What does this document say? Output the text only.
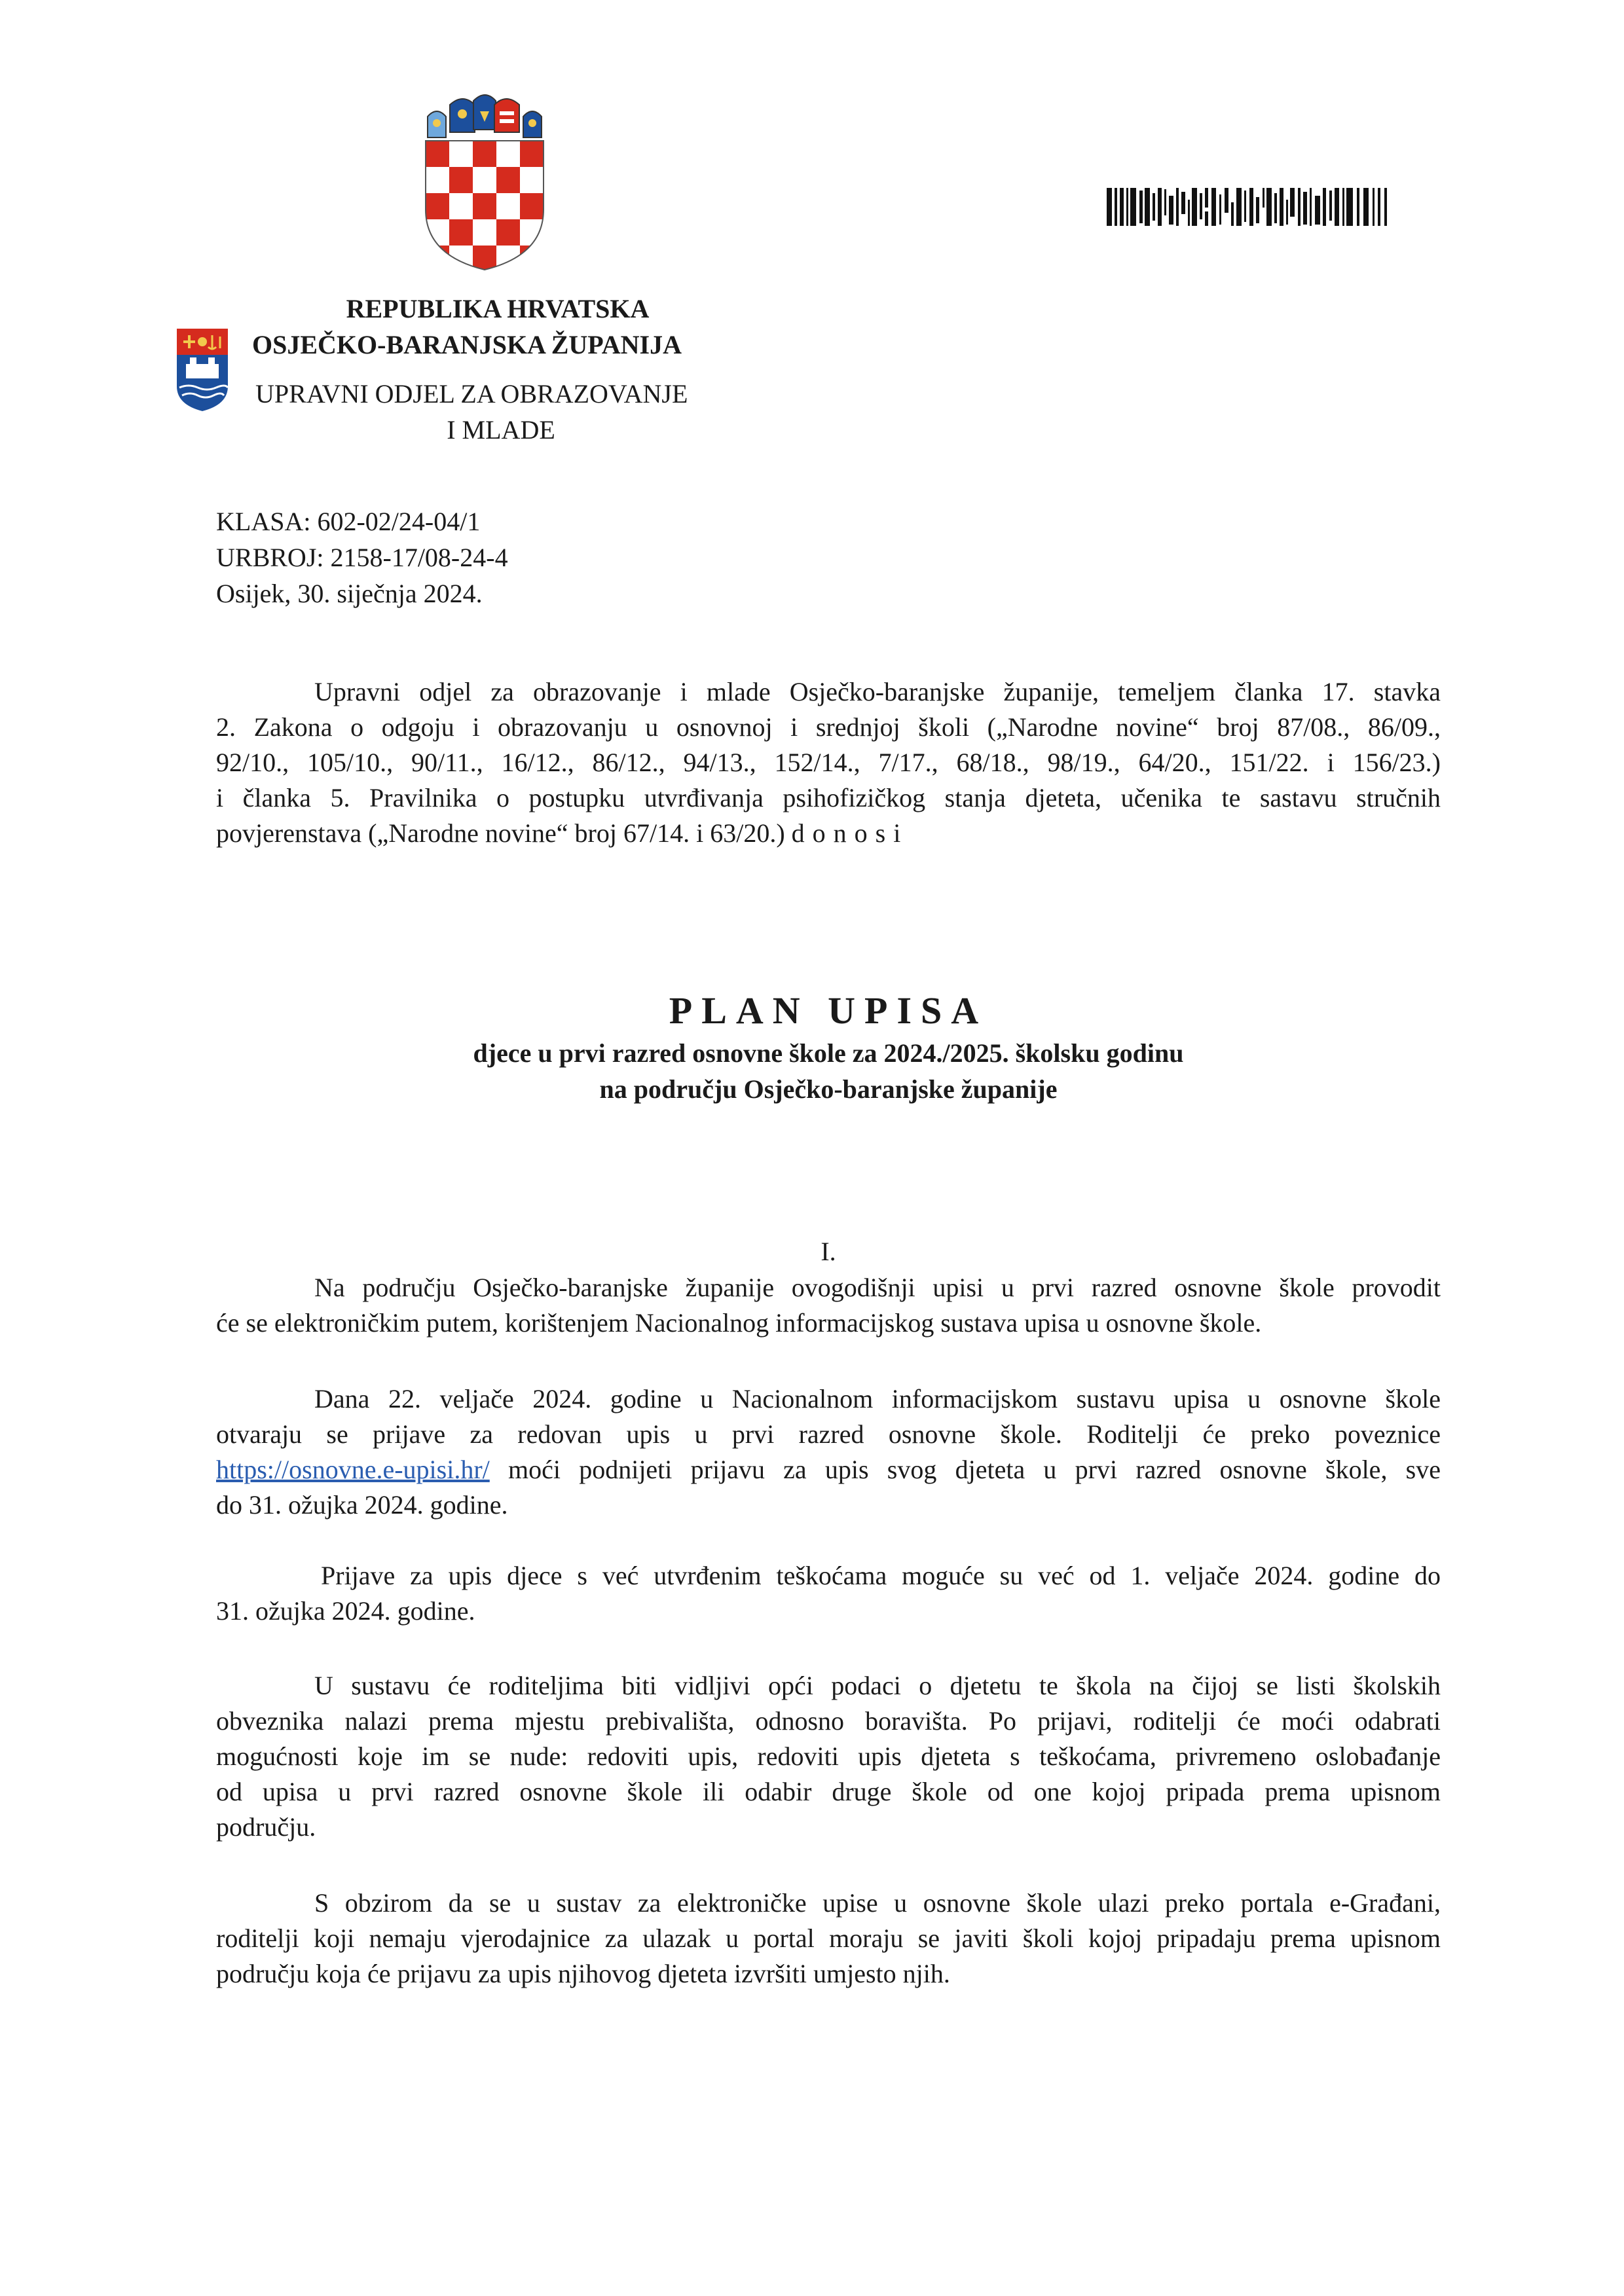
REPUBLIKA HRVATSKA
OSJEČKO-BARANJSKA ŽUPANIJA
UPRAVNI ODJEL ZA OBRAZOVANJE
I MLADE
KLASA: 602-02/24-04/1
URBROJ: 2158-17/08-24-4
Osijek, 30. siječnja 2024.
Upravni odjel za obrazovanje i mlade Osječko-baranjske županije, temeljem članka 17. stavka
2. Zakona o odgoju i obrazovanju u osnovnoj i srednjoj školi („Narodne novine“ broj 87/08., 86/09.,
92/10., 105/10., 90/11., 16/12., 86/12., 94/13., 152/14., 7/17., 68/18., 98/19., 64/20., 151/22. i 156/23.)
i članka 5. Pravilnika o postupku utvrđivanja psihofizičkog stanja djeteta, učenika te sastavu stručnih
povjerenstava („Narodne novine“ broj 67/14. i 63/20.) donosi
PLAN UPISA
djece u prvi razred osnovne škole za 2024./2025. školsku godinu
na području Osječko-baranjske županije
I.
Na području Osječko-baranjske županije ovogodišnji upisi u prvi razred osnovne škole provodit
će se elektroničkim putem, korištenjem Nacionalnog informacijskog sustava upisa u osnovne škole.
Dana 22. veljače 2024. godine u Nacionalnom informacijskom sustavu upisa u osnovne škole
otvaraju se prijave za redovan upis u prvi razred osnovne škole. Roditelji će preko poveznice
https://osnovne.e-upisi.hr/ moći podnijeti prijavu za upis svog djeteta u prvi razred osnovne škole, sve
do 31. ožujka 2024. godine.
Prijave za upis djece s već utvrđenim teškoćama moguće su već od 1. veljače 2024. godine do
31. ožujka 2024. godine.
U sustavu će roditeljima biti vidljivi opći podaci o djetetu te škola na čijoj se listi školskih
obveznika nalazi prema mjestu prebivališta, odnosno boravišta. Po prijavi, roditelji će moći odabrati
mogućnosti koje im se nude: redoviti upis, redoviti upis djeteta s teškoćama, privremeno oslobađanje
od upisa u prvi razred osnovne škole ili odabir druge škole od one kojoj pripada prema upisnom
području.
S obzirom da se u sustav za elektroničke upise u osnovne škole ulazi preko portala e-Građani,
roditelji koji nemaju vjerodajnice za ulazak u portal moraju se javiti školi kojoj pripadaju prema upisnom
području koja će prijavu za upis njihovog djeteta izvršiti umjesto njih.
